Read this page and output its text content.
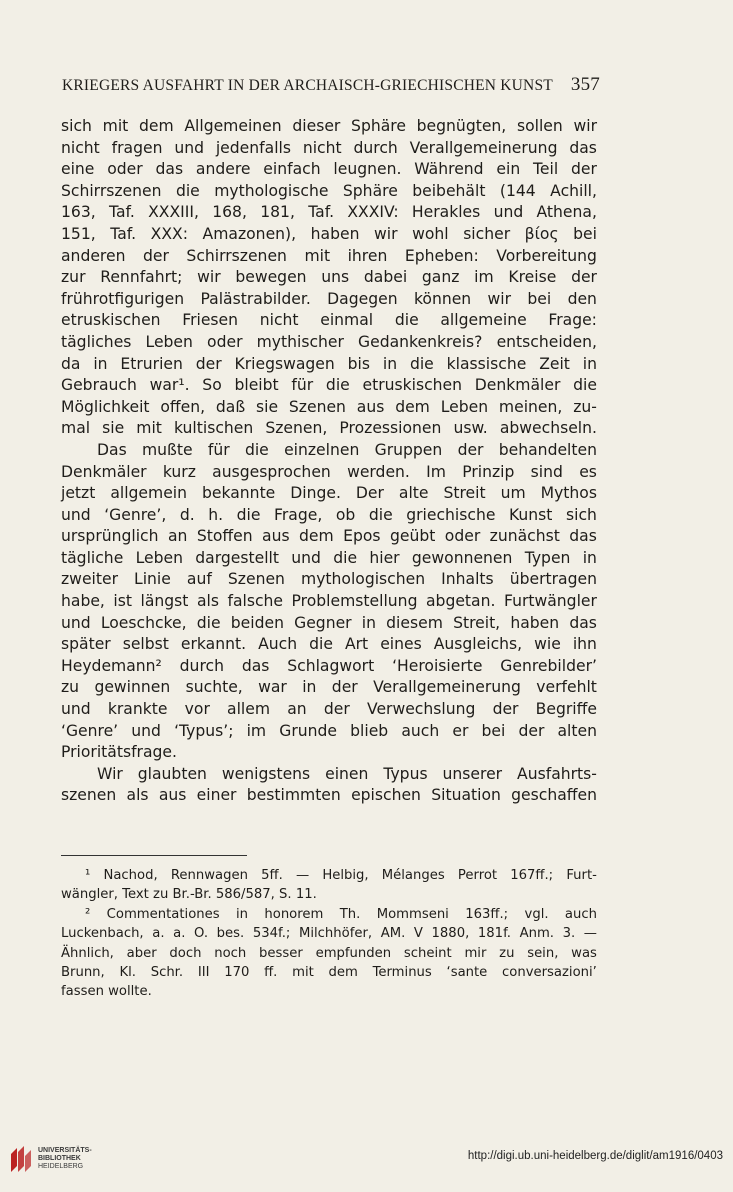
KRIEGERS AUSFAHRT IN DER ARCHAISCH-GRIECHISCHEN KUNST 357
sich mit dem Allgemeinen dieser Sphäre begnügten, sollen wir
nicht fragen und jedenfalls nicht durch Verallgemeinerung das
eine oder das andere einfach leugnen. Während ein Teil der
Schirrszenen die mythologische Sphäre beibehält (144 Achill,
163, Taf. XXXIII, 168, 181, Taf. XXXIV: Herakles und Athena,
151, Taf. XXX: Amazonen), haben wir wohl sicher βίος bei
anderen der Schirrszenen mit ihren Epheben: Vorbereitung
zur Rennfahrt; wir bewegen uns dabei ganz im Kreise der
frührotfigurigen Palästrabilder. Dagegen können wir bei den
etruskischen Friesen nicht einmal die allgemeine Frage:
tägliches Leben oder mythischer Gedankenkreis? entscheiden,
da in Etrurien der Kriegswagen bis in die klassische Zeit in
Gebrauch war¹. So bleibt für die etruskischen Denkmäler die
Möglichkeit offen, daß sie Szenen aus dem Leben meinen, zu-
mal sie mit kultischen Szenen, Prozessionen usw. abwechseln.
Das mußte für die einzelnen Gruppen der behandelten
Denkmäler kurz ausgesprochen werden. Im Prinzip sind es
jetzt allgemein bekannte Dinge. Der alte Streit um Mythos
und ‘Genre’, d. h. die Frage, ob die griechische Kunst sich
ursprünglich an Stoffen aus dem Epos geübt oder zunächst das
tägliche Leben dargestellt und die hier gewonnenen Typen in
zweiter Linie auf Szenen mythologischen Inhalts übertragen
habe, ist längst als falsche Problemstellung abgetan. Furtwängler
und Loeschcke, die beiden Gegner in diesem Streit, haben das
später selbst erkannt. Auch die Art eines Ausgleichs, wie ihn
Heydemann² durch das Schlagwort ‘Heroisierte Genrebilder’
zu gewinnen suchte, war in der Verallgemeinerung verfehlt
und krankte vor allem an der Verwechslung der Begriffe
‘Genre’ und ‘Typus’; im Grunde blieb auch er bei der alten
Prioritätsfrage.
Wir glaubten wenigstens einen Typus unserer Ausfahrts-
szenen als aus einer bestimmten epischen Situation geschaffen
¹ Nachod, Rennwagen 5ff. — Helbig, Mélanges Perrot 167ff.; Furt-
wängler, Text zu Br.-Br. 586/587, S. 11.
² Commentationes in honorem Th. Mommseni 163ff.; vgl. auch
Luckenbach, a. a. O. bes. 534f.; Milchhöfer, AM. V 1880, 181f. Anm. 3. —
Ähnlich, aber doch noch besser empfunden scheint mir zu sein, was
Brunn, Kl. Schr. III 170 ff. mit dem Terminus ‘sante conversazioni’
fassen wollte.
UNIVERSITÄTS-
BIBLIOTHEK
HEIDELBERG
http://digi.ub.uni-heidelberg.de/diglit/am1916/0403
